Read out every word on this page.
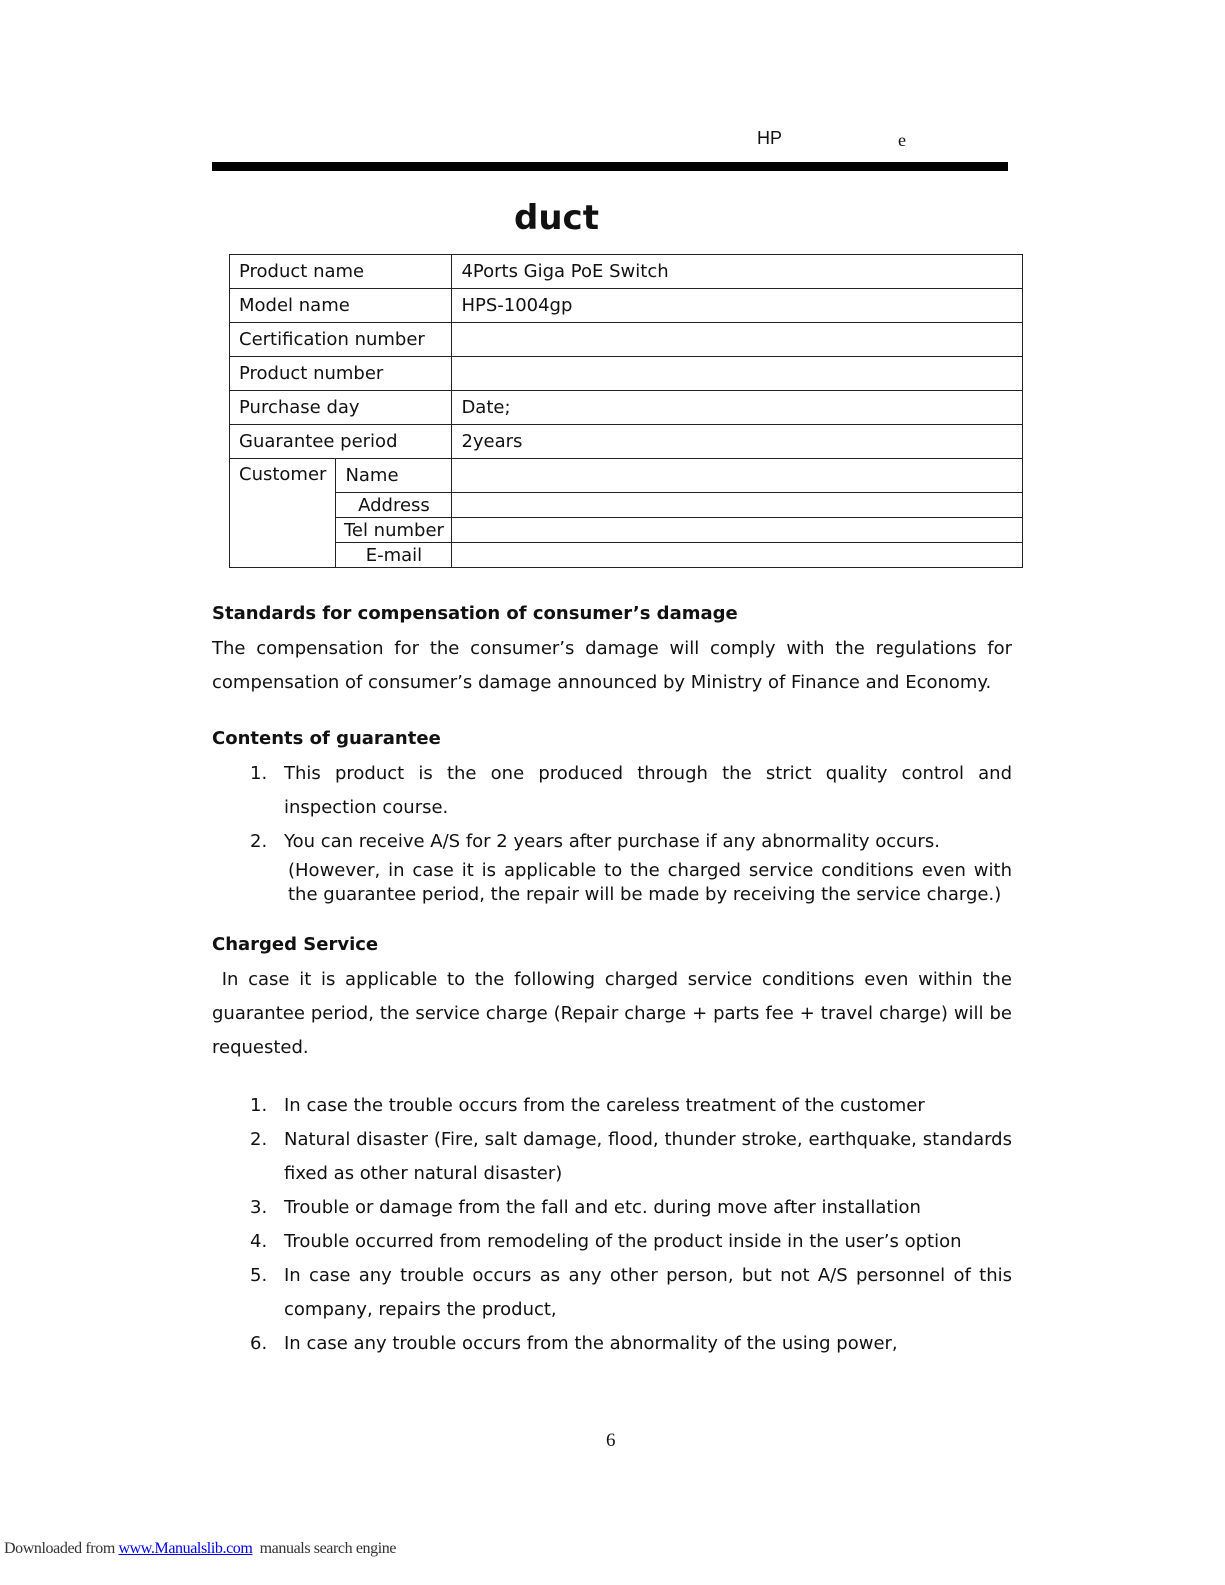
HP	e
duct
Product name		4Ports Giga PoE Switch
Model name		HPS-1004gp
Certification number		
Product number		
Purchase day		Date;
Guarantee period		2years
Customer	Name	
	Address	
	Tel number	
	E-mail	
Standards for compensation of consumer’s damage
The compensation for the consumer’s damage will comply with the regulations for compensation of consumer’s damage announced by Ministry of Finance and Economy.
Contents of guarantee
1. This product is the one produced through the strict quality control and inspection course.
2. You can receive A/S for 2 years after purchase if any abnormality occurs.
(However, in case it is applicable to the charged service conditions even with the guarantee period, the repair will be made by receiving the service charge.)
Charged Service
In case it is applicable to the following charged service conditions even within the guarantee period, the service charge (Repair charge + parts fee + travel charge) will be requested.
1. In case the trouble occurs from the careless treatment of the customer
2. Natural disaster (Fire, salt damage, flood, thunder stroke, earthquake, standards fixed as other natural disaster)
3. Trouble or damage from the fall and etc. during move after installation
4. Trouble occurred from remodeling of the product inside in the user’s option
5. In case any trouble occurs as any other person, but not A/S personnel of this company, repairs the product,
6. In case any trouble occurs from the abnormality of the using power,
6
Downloaded from www.Manualslib.com  manuals search engine
